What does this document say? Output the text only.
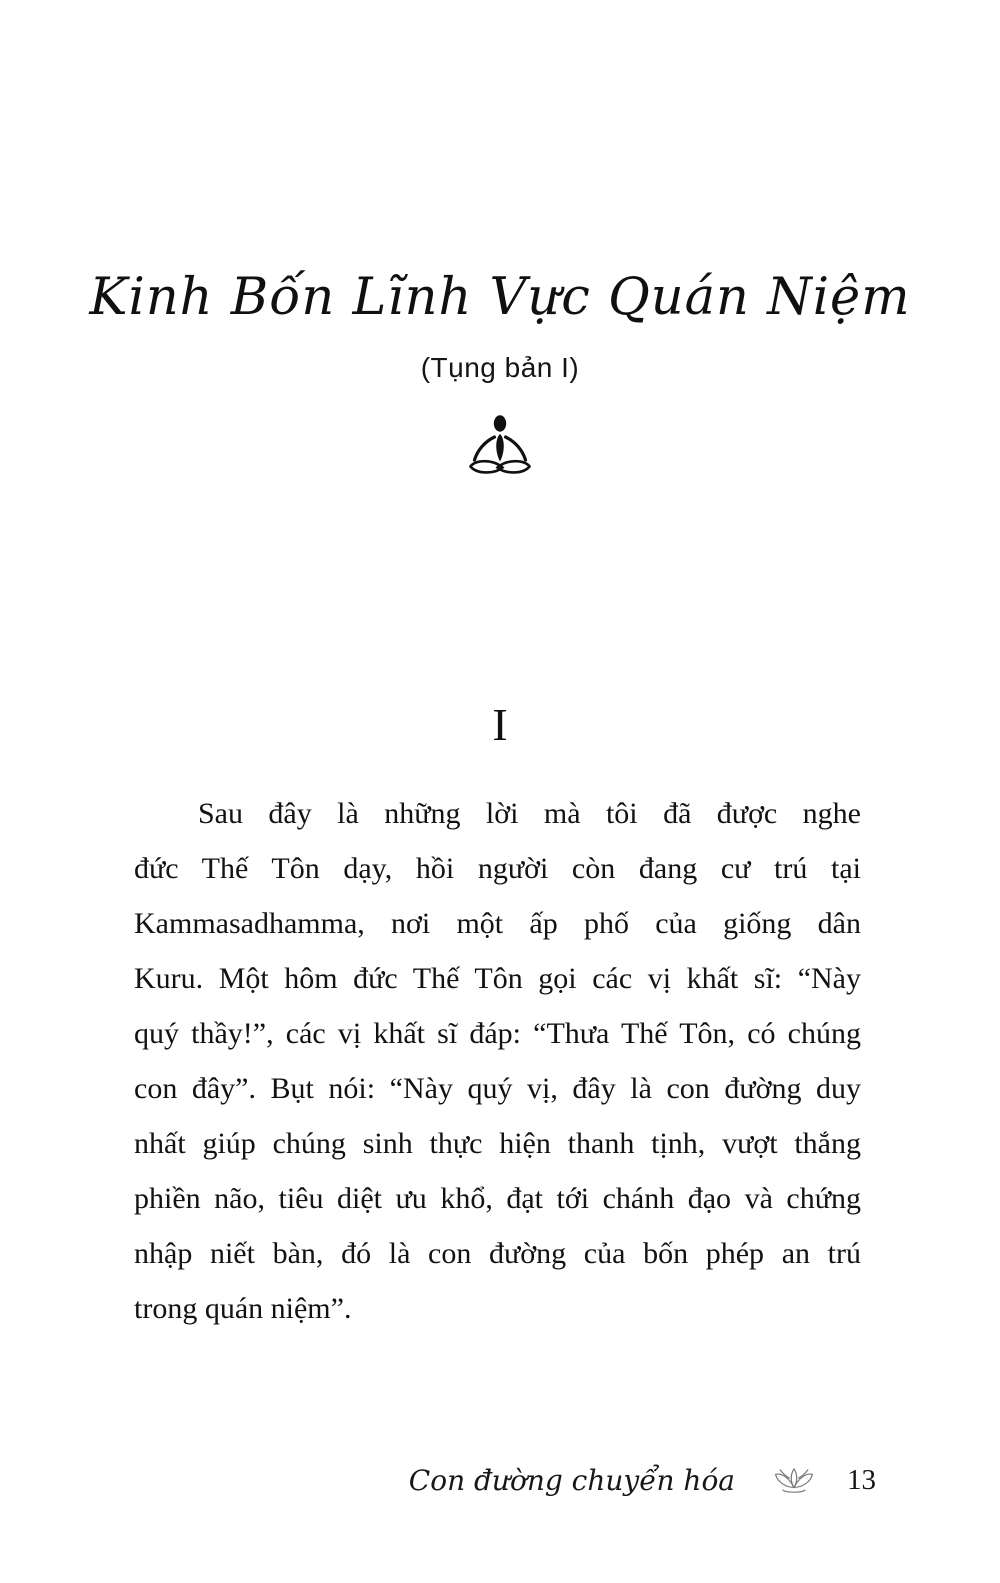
Kinh Bốn Lĩnh Vực Quán Niệm
(Tụng bản I)
I
Sau đây là những lời mà tôi đã được nghe
đức Thế Tôn dạy, hồi người còn đang cư trú tại
Kammasadhamma, nơi một ấp phố của giống dân
Kuru. Một hôm đức Thế Tôn gọi các vị khất sĩ: “Này
quý thầy!”, các vị khất sĩ đáp: “Thưa Thế Tôn, có chúng
con đây”. Bụt nói: “Này quý vị, đây là con đường duy
nhất giúp chúng sinh thực hiện thanh tịnh, vượt thắng
phiền não, tiêu diệt ưu khổ, đạt tới chánh đạo và chứng
nhập niết bàn, đó là con đường của bốn phép an trú
trong quán niệm”.
Con đường chuyển hóa	13
